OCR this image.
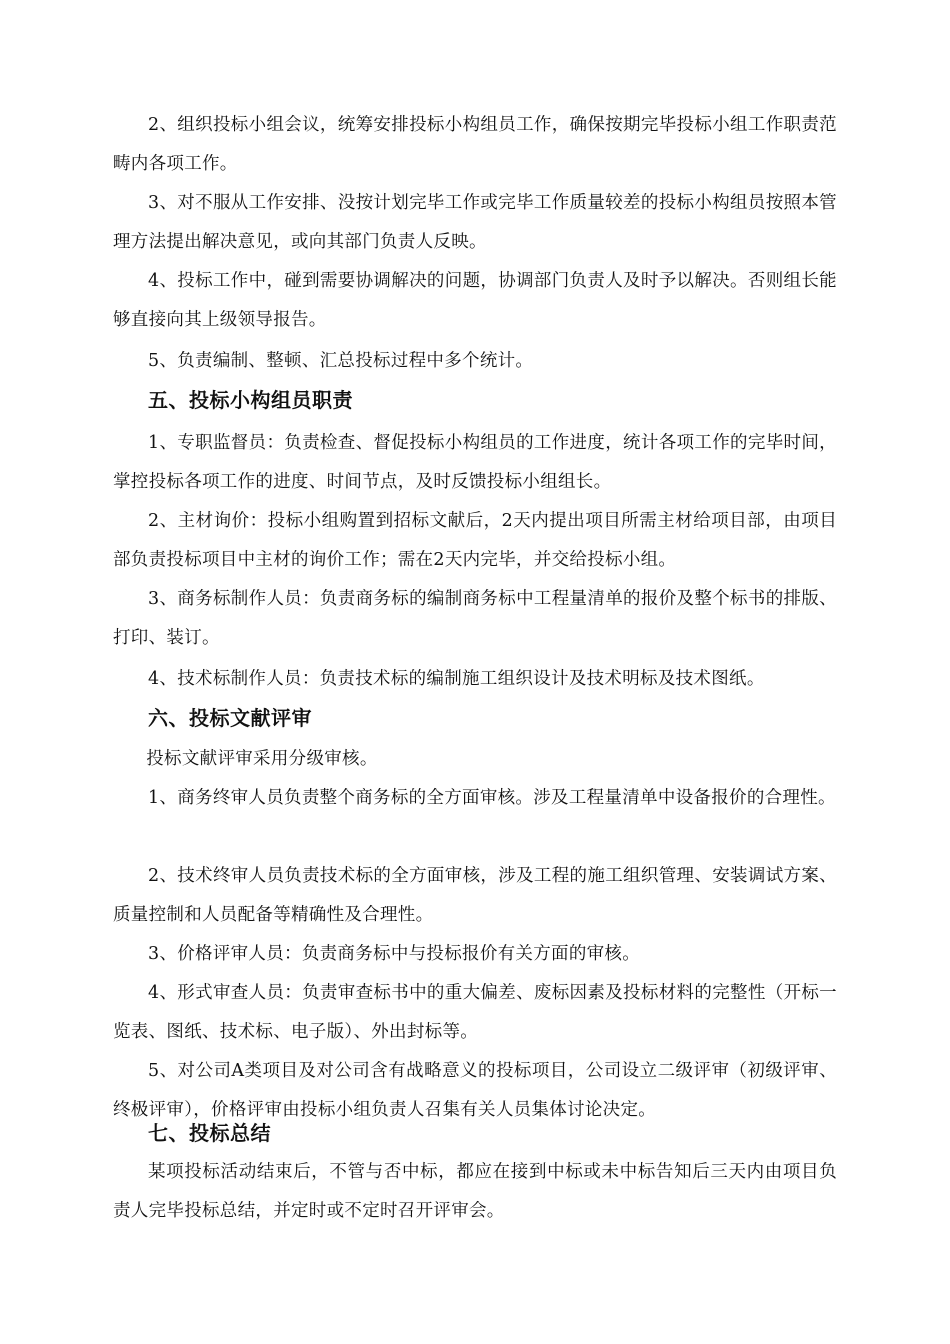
2、组织投标小组会议，统筹安排投标小构组员工作，确保按期完毕投标小组工作职责范畴内各项工作。

3、对不服从工作安排、没按计划完毕工作或完毕工作质量较差的投标小构组员按照本管理方法提出解决意见，或向其部门负责人反映。

4、投标工作中，碰到需要协调解决的问题，协调部门负责人及时予以解决。否则组长能够直接向其上级领导报告。

5、负责编制、整顿、汇总投标过程中多个统计。

五、投标小构组员职责

1、专职监督员：负责检查、督促投标小构组员的工作进度，统计各项工作的完毕时间，掌控投标各项工作的进度、时间节点，及时反馈投标小组组长。

2、主材询价：投标小组购置到招标文献后，2天内提出项目所需主材给项目部，由项目部负责投标项目中主材的询价工作；需在2天内完毕，并交给投标小组。

3、商务标制作人员：负责商务标的编制商务标中工程量清单的报价及整个标书的排版、打印、装订。

4、技术标制作人员：负责技术标的编制施工组织设计及技术明标及技术图纸。

六、投标文献评审

投标文献评审采用分级审核。

1、商务终审人员负责整个商务标的全方面审核。涉及工程量清单中设备报价的合理性。

2、技术终审人员负责技术标的全方面审核，涉及工程的施工组织管理、安装调试方案、质量控制和人员配备等精确性及合理性。

3、价格评审人员：负责商务标中与投标报价有关方面的审核。

4、形式审查人员：负责审查标书中的重大偏差、废标因素及投标材料的完整性（开标一览表、图纸、技术标、电子版）、外出封标等。

5、对公司A类项目及对公司含有战略意义的投标项目，公司设立二级评审（初级评审、终极评审），价格评审由投标小组负责人召集有关人员集体讨论决定。

七、投标总结

某项投标活动结束后，不管与否中标，都应在接到中标或未中标告知后三天内由项目负责人完毕投标总结，并定时或不定时召开评审会。
